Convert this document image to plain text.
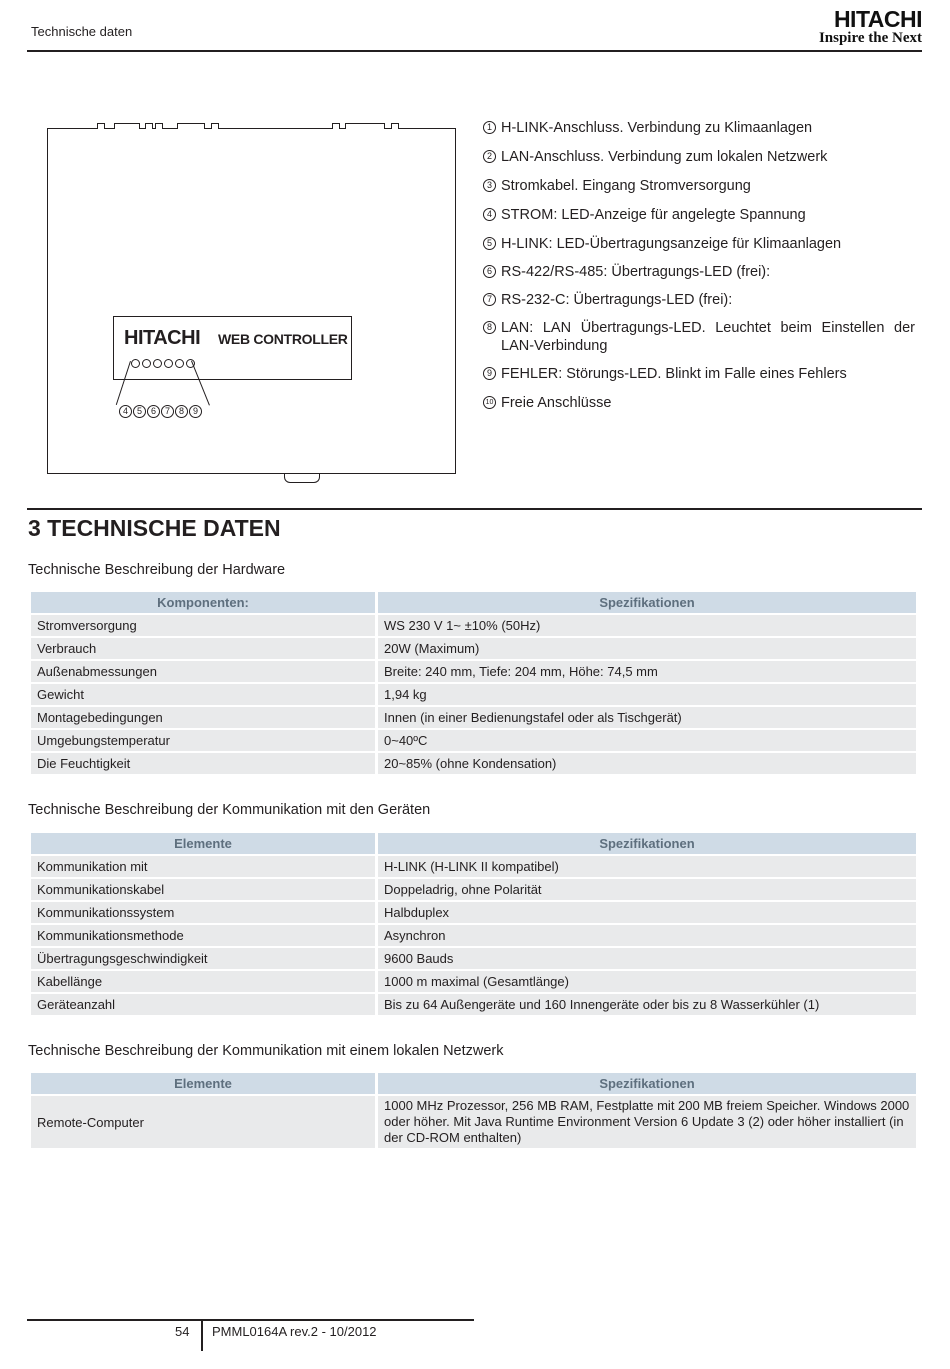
Technische daten	HITACHI
Inspire the Next
HITACHI WEB CONTROLLER
4 5 6 7 8 9
1 H-LINK-Anschluss. Verbindung zu Klimaanlagen
2 LAN-Anschluss. Verbindung zum lokalen Netzwerk
3 Stromkabel. Eingang Stromversorgung
4 STROM: LED-Anzeige für angelegte Spannung
5 H-LINK: LED-Übertragungsanzeige für Klimaanlagen
6 RS-422/RS-485: Übertragungs-LED (frei):
7 RS-232-C: Übertragungs-LED (frei):
8 LAN: LAN Übertragungs-LED. Leuchtet beim Einstellen der LAN-Verbindung
9 FEHLER: Störungs-LED. Blinkt im Falle eines Fehlers
10 Freie Anschlüsse
3 TECHNISCHE DATEN
Technische Beschreibung der Hardware
Komponenten:	Spezifikationen
Stromversorgung	WS 230 V 1~ ±10% (50Hz)
Verbrauch	20W (Maximum)
Außenabmessungen	Breite: 240 mm, Tiefe: 204 mm, Höhe: 74,5 mm
Gewicht	1,94 kg
Montagebedingungen	Innen (in einer Bedienungstafel oder als Tischgerät)
Umgebungstemperatur	0~40ºC
Die Feuchtigkeit	20~85% (ohne Kondensation)
Technische Beschreibung der Kommunikation mit den Geräten
Elemente	Spezifikationen
Kommunikation mit	H-LINK (H-LINK II kompatibel)
Kommunikationskabel	Doppeladrig, ohne Polarität
Kommunikationssystem	Halbduplex
Kommunikationsmethode	Asynchron
Übertragungsgeschwindigkeit	9600 Bauds
Kabellänge	1000 m maximal (Gesamtlänge)
Geräteanzahl	Bis zu 64 Außengeräte und 160 Innengeräte oder bis zu 8 Wasserkühler (1)
Technische Beschreibung der Kommunikation mit einem lokalen Netzwerk
Elemente	Spezifikationen
Remote-Computer	1000 MHz Prozessor, 256 MB RAM, Festplatte mit 200 MB freiem Speicher. Windows 2000 oder höher. Mit Java Runtime Environment Version 6 Update 3 (2) oder höher installiert (in der CD-ROM enthalten)
54 PMML0164A rev.2 - 10/2012
